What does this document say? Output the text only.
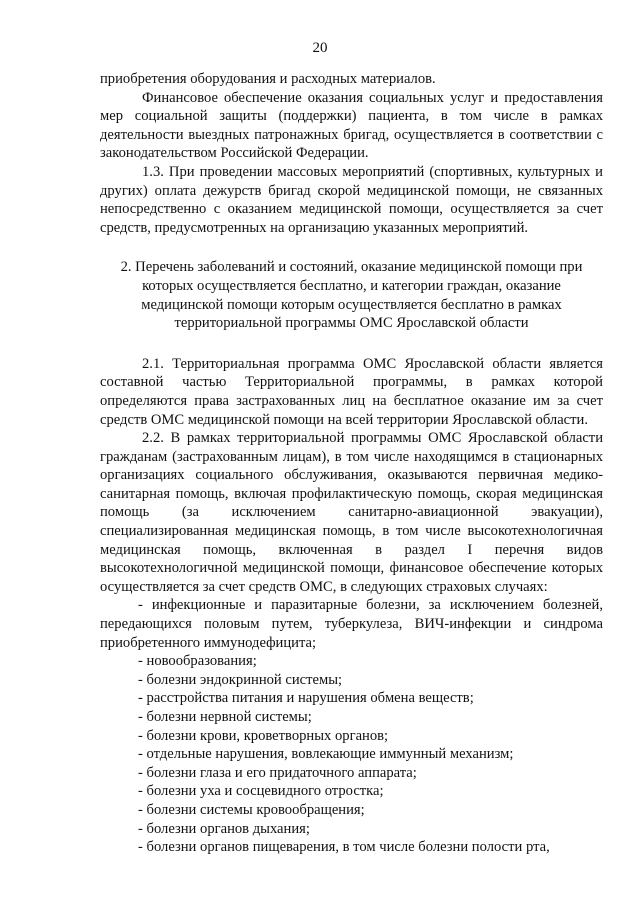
20

приобретения оборудования и расходных материалов.

Финансовое обеспечение оказания социальных услуг и предоставления мер социальной защиты (поддержки) пациента, в том числе в рамках деятельности выездных патронажных бригад, осуществляется в соответствии с законодательством Российской Федерации.

1.3. При проведении массовых мероприятий (спортивных, культурных и других) оплата дежурств бригад скорой медицинской помощи, не связанных непосредственно с оказанием медицинской помощи, осуществляется за счет средств, предусмотренных на организацию указанных мероприятий.

2. Перечень заболеваний и состояний, оказание медицинской помощи при которых осуществляется бесплатно, и категории граждан, оказание медицинской помощи которым осуществляется бесплатно в рамках территориальной программы ОМС Ярославской области

2.1. Территориальная программа ОМС Ярославской области является составной частью Территориальной программы, в рамках которой определяются права застрахованных лиц на бесплатное оказание им за счет средств ОМС медицинской помощи на всей территории Ярославской области.

2.2. В рамках территориальной программы ОМС Ярославской области гражданам (застрахованным лицам), в том числе находящимся в стационарных организациях социального обслуживания, оказываются первичная медико-санитарная помощь, включая профилактическую помощь, скорая медицинская помощь (за исключением санитарно-авиационной эвакуации), специализированная медицинская помощь, в том числе высокотехнологичная медицинская помощь, включенная в раздел I перечня видов высокотехнологичной медицинской помощи, финансовое обеспечение которых осуществляется за счет средств ОМС, в следующих страховых случаях:

- инфекционные и паразитарные болезни, за исключением болезней, передающихся половым путем, туберкулеза, ВИЧ-инфекции и синдрома приобретенного иммунодефицита;
- новообразования;
- болезни эндокринной системы;
- расстройства питания и нарушения обмена веществ;
- болезни нервной системы;
- болезни крови, кроветворных органов;
- отдельные нарушения, вовлекающие иммунный механизм;
- болезни глаза и его придаточного аппарата;
- болезни уха и сосцевидного отростка;
- болезни системы кровообращения;
- болезни органов дыхания;
- болезни органов пищеварения, в том числе болезни полости рта,
